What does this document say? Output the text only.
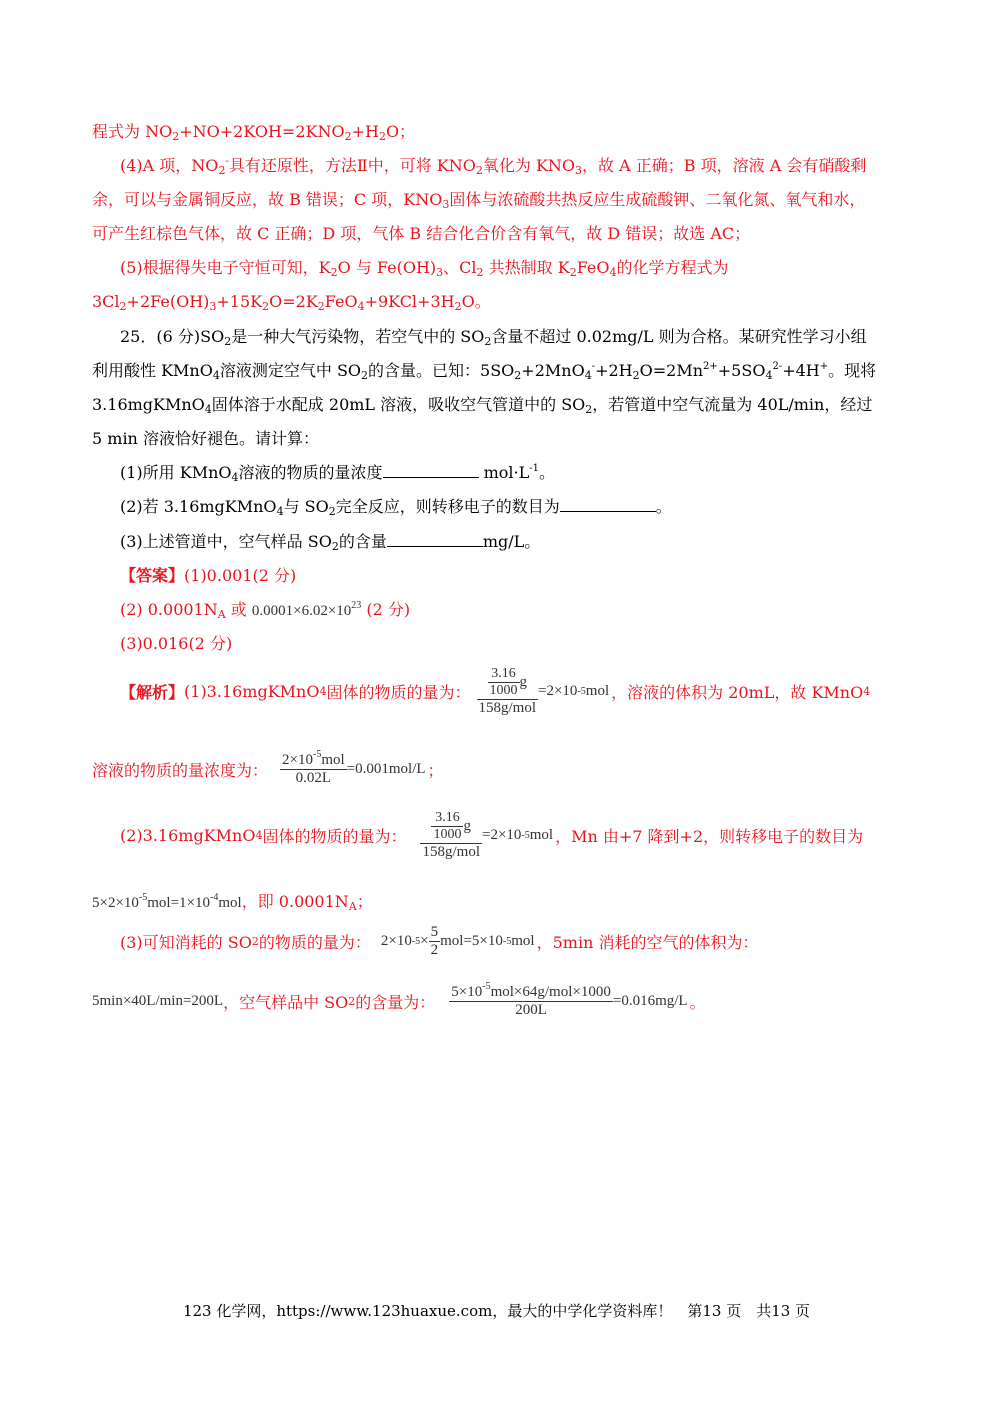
程式为 $NO_2+NO+2KOH=2KNO_2+H_2O$；
(4)A 项，$NO_2^-$具有还原性，方法Ⅱ中，可将 $KNO_2$氧化为 $KNO_3$，故 A 正确；B 项，溶液 A 会有硝酸剩
余，可以与金属铜反应，故 B 错误；C 项，$KNO_3$固体与浓硫酸共热反应生成硫酸钾、二氧化氮、氧气和水，
可产生红棕色气体，故 C 正确；D 项，气体 B 结合化合价含有氧气，故 D 错误；故选 AC；
(5)根据得失电子守恒可知，$K_2O$ 与 $Fe(OH)_3$、$Cl_2$ 共热制取 $K_2FeO_4$的化学方程式为
$3Cl_2+2Fe(OH)_3+15K_2O=2K_2FeO_4+9KCl+3H_2O$。
25．(6 分)$SO_2$是一种大气污染物，若空气中的 $SO_2$含量不超过 0.02mg/L 则为合格。某研究性学习小组
利用酸性 KMnO$_4$溶液测定空气中 $SO_2$的含量。已知：$5SO_2+2MnO_4^-+2H_2O=2Mn^{2+}+5SO_4^{2-}+4H^+$。现将
3.16mgKMnO$_4$固体溶于水配成 20mL 溶液，吸收空气管道中的 $SO_2$，若管道中空气流量为 40L/min，经过
5 min 溶液恰好褪色。请计算：
(1)所用 KMnO$_4$溶液的物质的量浓度	$mol\cdot L^{-1}$。
(2)若 3.16mgKMnO$_4$与 $SO_2$完全反应，则转移电子的数目为	。
(3)上述管道中，空气样品 $SO_2$的含量	mg/L。
【答案】(1)0.001(2 分)
(2) $0.0001N_A$ 或 $0.0001\times 6.02\times 10^{23}$ (2 分)
(3)0.016(2 分)
【解析】 (1)3.16mgKMnO 4 固体的物质的量为： $\frac{\frac{3.16}{1000} g}{\text{158g/mol}} =2\times 10$ -5 mol ，溶液的体积为 20mL，故 KMnO 4
溶液的物质的量浓度为： $\frac{2\times 10^{-5}mol}{0.02L} =0.001mol/L$ ；
(2)3.16mgKMnO 4 固体的物质的量为： $\frac{\frac{3.16}{1000} g}{\text{158g/mol}} =2\times 10$ -5 mol ，Mn 由+7 降到+2，则转移电子的数目为
$5\times 2\times 10^{-5}mol=1\times 10^{-4}mol$，即 $0.0001N_A$；
(3)可知消耗的 SO 2 的物质的量为： 2×10 $-5 \times \frac{5}{2} mol=5\times 10$ -5 mol ，5min 消耗的空气的体积为：
5min×40L/min=200L ，空气样品中 SO 2 的含量为： $\frac{5\times 10^{-5}mol\times 64g/mol\times 1000}{200L} =0.016mg/L$ 。
123 化学网，https://www.123huaxue.com，最大的中学化学资料库！　第13 页　共13 页
